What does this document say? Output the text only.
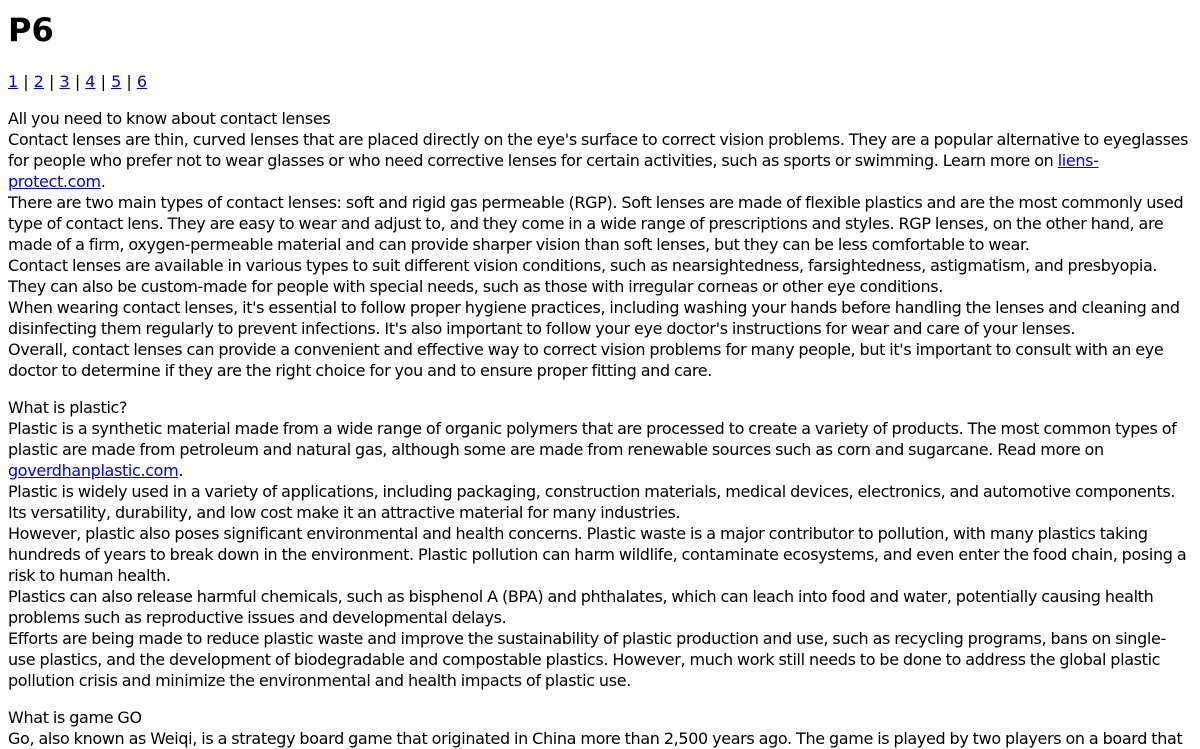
P6
1 | 2 | 3 | 4 | 5 | 6

All you need to know about contact lenses

Contact lenses are thin, curved lenses that are placed directly on the eye's surface to correct vision problems. They are a popular alternative to eyeglasses for people who prefer not to wear glasses or who need corrective lenses for certain activities, such as sports or swimming. Learn more on liens-protect.com.

There are two main types of contact lenses: soft and rigid gas permeable (RGP). Soft lenses are made of flexible plastics and are the most commonly used type of contact lens. They are easy to wear and adjust to, and they come in a wide range of prescriptions and styles. RGP lenses, on the other hand, are made of a firm, oxygen-permeable material and can provide sharper vision than soft lenses, but they can be less comfortable to wear.

Contact lenses are available in various types to suit different vision conditions, such as nearsightedness, farsightedness, astigmatism, and presbyopia. They can also be custom-made for people with special needs, such as those with irregular corneas or other eye conditions.

When wearing contact lenses, it's essential to follow proper hygiene practices, including washing your hands before handling the lenses and cleaning and disinfecting them regularly to prevent infections. It's also important to follow your eye doctor's instructions for wear and care of your lenses.

Overall, contact lenses can provide a convenient and effective way to correct vision problems for many people, but it's important to consult with an eye doctor to determine if they are the right choice for you and to ensure proper fitting and care.

What is plastic?

Plastic is a synthetic material made from a wide range of organic polymers that are processed to create a variety of products. The most common types of plastic are made from petroleum and natural gas, although some are made from renewable sources such as corn and sugarcane. Read more on goverdhanplastic.com.

Plastic is widely used in a variety of applications, including packaging, construction materials, medical devices, electronics, and automotive components. Its versatility, durability, and low cost make it an attractive material for many industries.

However, plastic also poses significant environmental and health concerns. Plastic waste is a major contributor to pollution, with many plastics taking hundreds of years to break down in the environment. Plastic pollution can harm wildlife, contaminate ecosystems, and even enter the food chain, posing a risk to human health.

Plastics can also release harmful chemicals, such as bisphenol A (BPA) and phthalates, which can leach into food and water, potentially causing health problems such as reproductive issues and developmental delays.

Efforts are being made to reduce plastic waste and improve the sustainability of plastic production and use, such as recycling programs, bans on single-use plastics, and the development of biodegradable and compostable plastics. However, much work still needs to be done to address the global plastic pollution crisis and minimize the environmental and health impacts of plastic use.

What is game GO

Go, also known as Weiqi, is a strategy board game that originated in China more than 2,500 years ago. The game is played by two players on a board that
